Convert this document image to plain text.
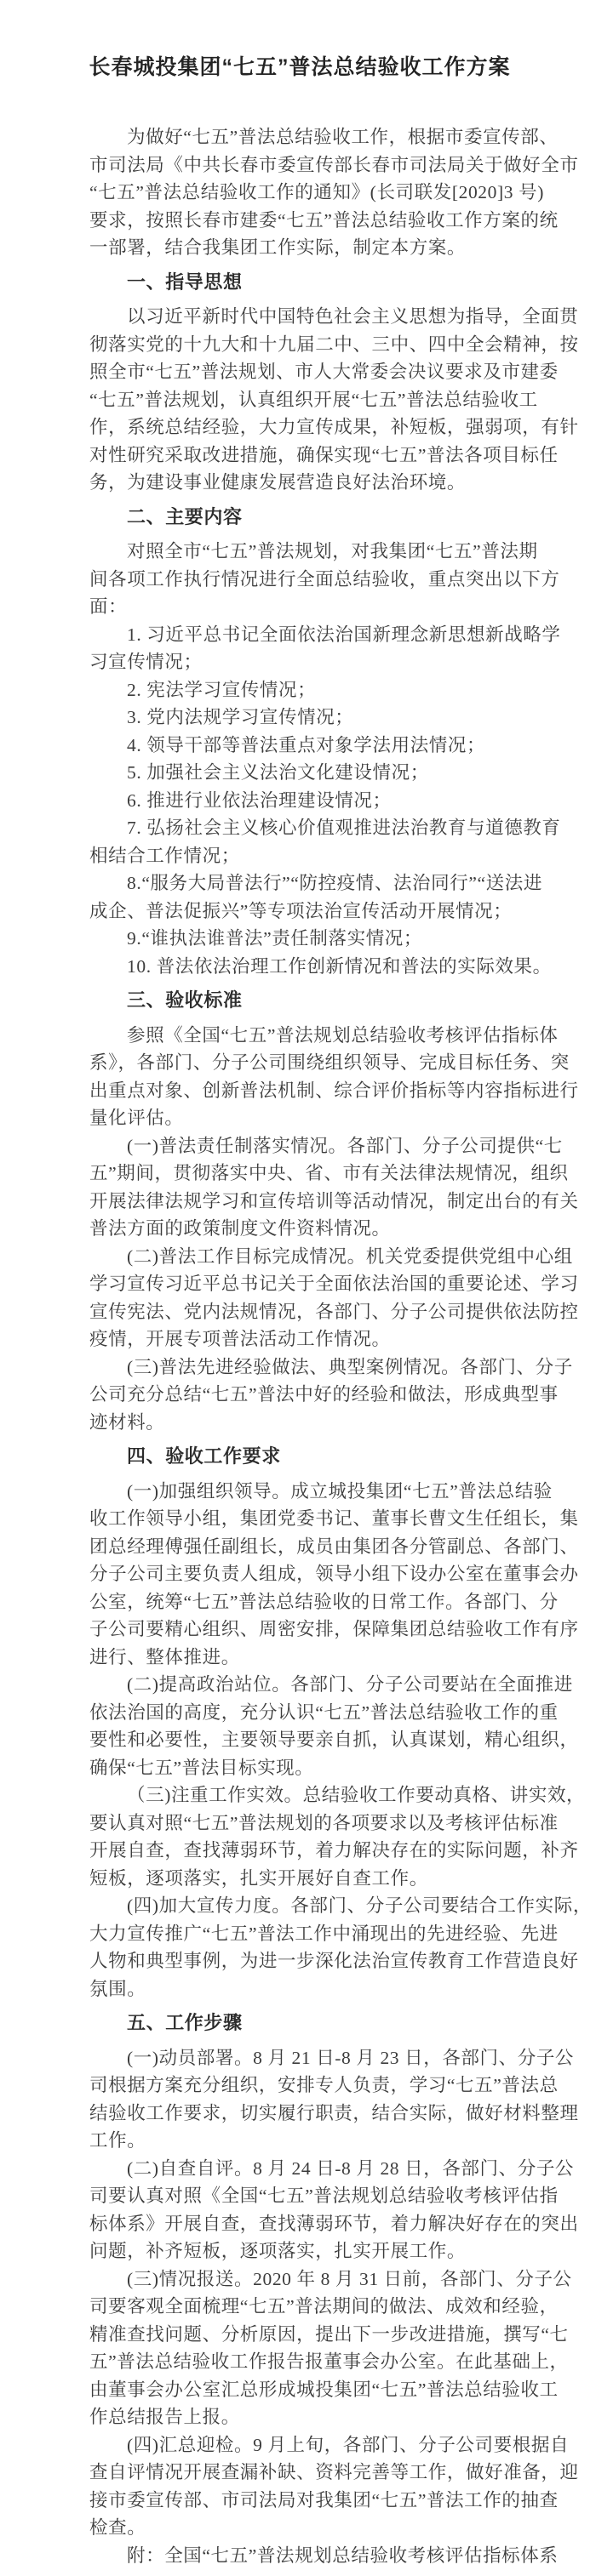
长春城投集团“七五”普法总结验收工作方案
为做好“七五”普法总结验收工作，根据市委宣传部、
市司法局《中共长春市委宣传部长春市司法局关于做好全市
“七五”普法总结验收工作的通知》(长司联发[2020]3 号)
要求，按照长春市建委“七五”普法总结验收工作方案的统
一部署，结合我集团工作实际，制定本方案。
一、指导思想
以习近平新时代中国特色社会主义思想为指导，全面贯
彻落实党的十九大和十九届二中、三中、四中全会精神，按
照全市“七五”普法规划、市人大常委会决议要求及市建委
“七五”普法规划，认真组织开展“七五”普法总结验收工
作，系统总结经验，大力宣传成果，补短板，强弱项，有针
对性研究采取改进措施，确保实现“七五”普法各项目标任
务，为建设事业健康发展营造良好法治环境。
二、主要内容
对照全市“七五”普法规划，对我集团“七五”普法期
间各项工作执行情况进行全面总结验收，重点突出以下方
面：
1. 习近平总书记全面依法治国新理念新思想新战略学
习宣传情况；
2. 宪法学习宣传情况；
3. 党内法规学习宣传情况；
4. 领导干部等普法重点对象学法用法情况；
5. 加强社会主义法治文化建设情况；
6. 推进行业依法治理建设情况；
7. 弘扬社会主义核心价值观推进法治教育与道德教育
相结合工作情况；
8.“服务大局普法行”“防控疫情、法治同行”“送法进
成企、普法促振兴”等专项法治宣传活动开展情况；
9.“谁执法谁普法”责任制落实情况；
10. 普法依法治理工作创新情况和普法的实际效果。
三、验收标准
参照《全国“七五”普法规划总结验收考核评估指标体
系》，各部门、分子公司围绕组织领导、完成目标任务、突
出重点对象、创新普法机制、综合评价指标等内容指标进行
量化评估。
(一)普法责任制落实情况。各部门、分子公司提供“七
五”期间，贯彻落实中央、省、市有关法律法规情况，组织
开展法律法规学习和宣传培训等活动情况，制定出台的有关
普法方面的政策制度文件资料情况。
(二)普法工作目标完成情况。机关党委提供党组中心组
学习宣传习近平总书记关于全面依法治国的重要论述、学习
宣传宪法、党内法规情况，各部门、分子公司提供依法防控
疫情，开展专项普法活动工作情况。
(三)普法先进经验做法、典型案例情况。各部门、分子
公司充分总结“七五”普法中好的经验和做法，形成典型事
迹材料。
四、验收工作要求
(一)加强组织领导。成立城投集团“七五”普法总结验
收工作领导小组，集团党委书记、董事长曹文生任组长，集
团总经理傅强任副组长，成员由集团各分管副总、各部门、
分子公司主要负责人组成，领导小组下设办公室在董事会办
公室，统筹“七五”普法总结验收的日常工作。各部门、分
子公司要精心组织、周密安排，保障集团总结验收工作有序
进行、整体推进。
(二)提高政治站位。各部门、分子公司要站在全面推进
依法治国的高度，充分认识“七五”普法总结验收工作的重
要性和必要性，主要领导要亲自抓，认真谋划，精心组织，
确保“七五”普法目标实现。
（三)注重工作实效。总结验收工作要动真格、讲实效，
要认真对照“七五”普法规划的各项要求以及考核评估标准
开展自查，查找薄弱环节，着力解决存在的实际问题，补齐
短板，逐项落实，扎实开展好自查工作。
(四)加大宣传力度。各部门、分子公司要结合工作实际，
大力宣传推广“七五”普法工作中涌现出的先进经验、先进
人物和典型事例，为进一步深化法治宣传教育工作营造良好
氛围。
五、工作步骤
(一)动员部署。8 月 21 日-8 月 23 日，各部门、分子公
司根据方案充分组织，安排专人负责，学习“七五”普法总
结验收工作要求，切实履行职责，结合实际，做好材料整理
工作。
(二)自查自评。8 月 24 日-8 月 28 日，各部门、分子公
司要认真对照《全国“七五”普法规划总结验收考核评估指
标体系》开展自查，查找薄弱环节，着力解决好存在的突出
问题，补齐短板，逐项落实，扎实开展工作。
(三)情况报送。2020 年 8 月 31 日前，各部门、分子公
司要客观全面梳理“七五”普法期间的做法、成效和经验，
精准查找问题、分析原因，提出下一步改进措施，撰写“七
五”普法总结验收工作报告报董事会办公室。在此基础上，
由董事会办公室汇总形成城投集团“七五”普法总结验收工
作总结报告上报。
(四)汇总迎检。9 月上旬，各部门、分子公司要根据自
查自评情况开展查漏补缺、资料完善等工作，做好准备，迎
接市委宣传部、市司法局对我集团“七五”普法工作的抽查
检查。
附：全国“七五”普法规划总结验收考核评估指标体系
